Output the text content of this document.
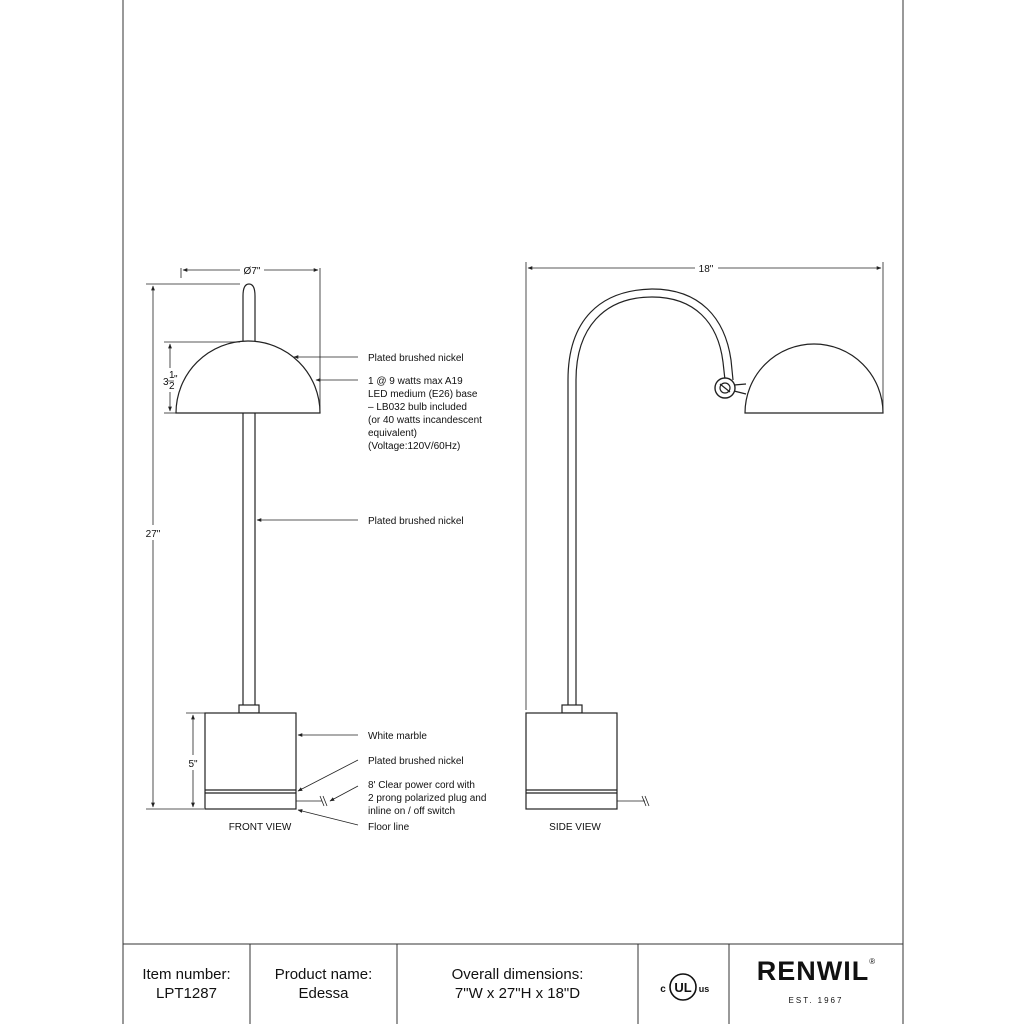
Ø7"
27"
3
1
2
"
5"
Plated brushed nickel
1 @ 9 watts max A19
LED medium (E26) base
– LB032 bulb included
(or 40 watts incandescent
equivalent)
(Voltage:120V/60Hz)
Plated brushed nickel
White marble
Plated brushed nickel
8' Clear power cord with
2 prong polarized plug and
inline on / off switch
Floor line
FRONT VIEW
18"
SIDE VIEW
UL
c	us
Item number:
LPT1287
Product name:
Edessa
Overall dimensions:
7"W x 27"H x 18"D
RENWIL ®
EST. 1967
